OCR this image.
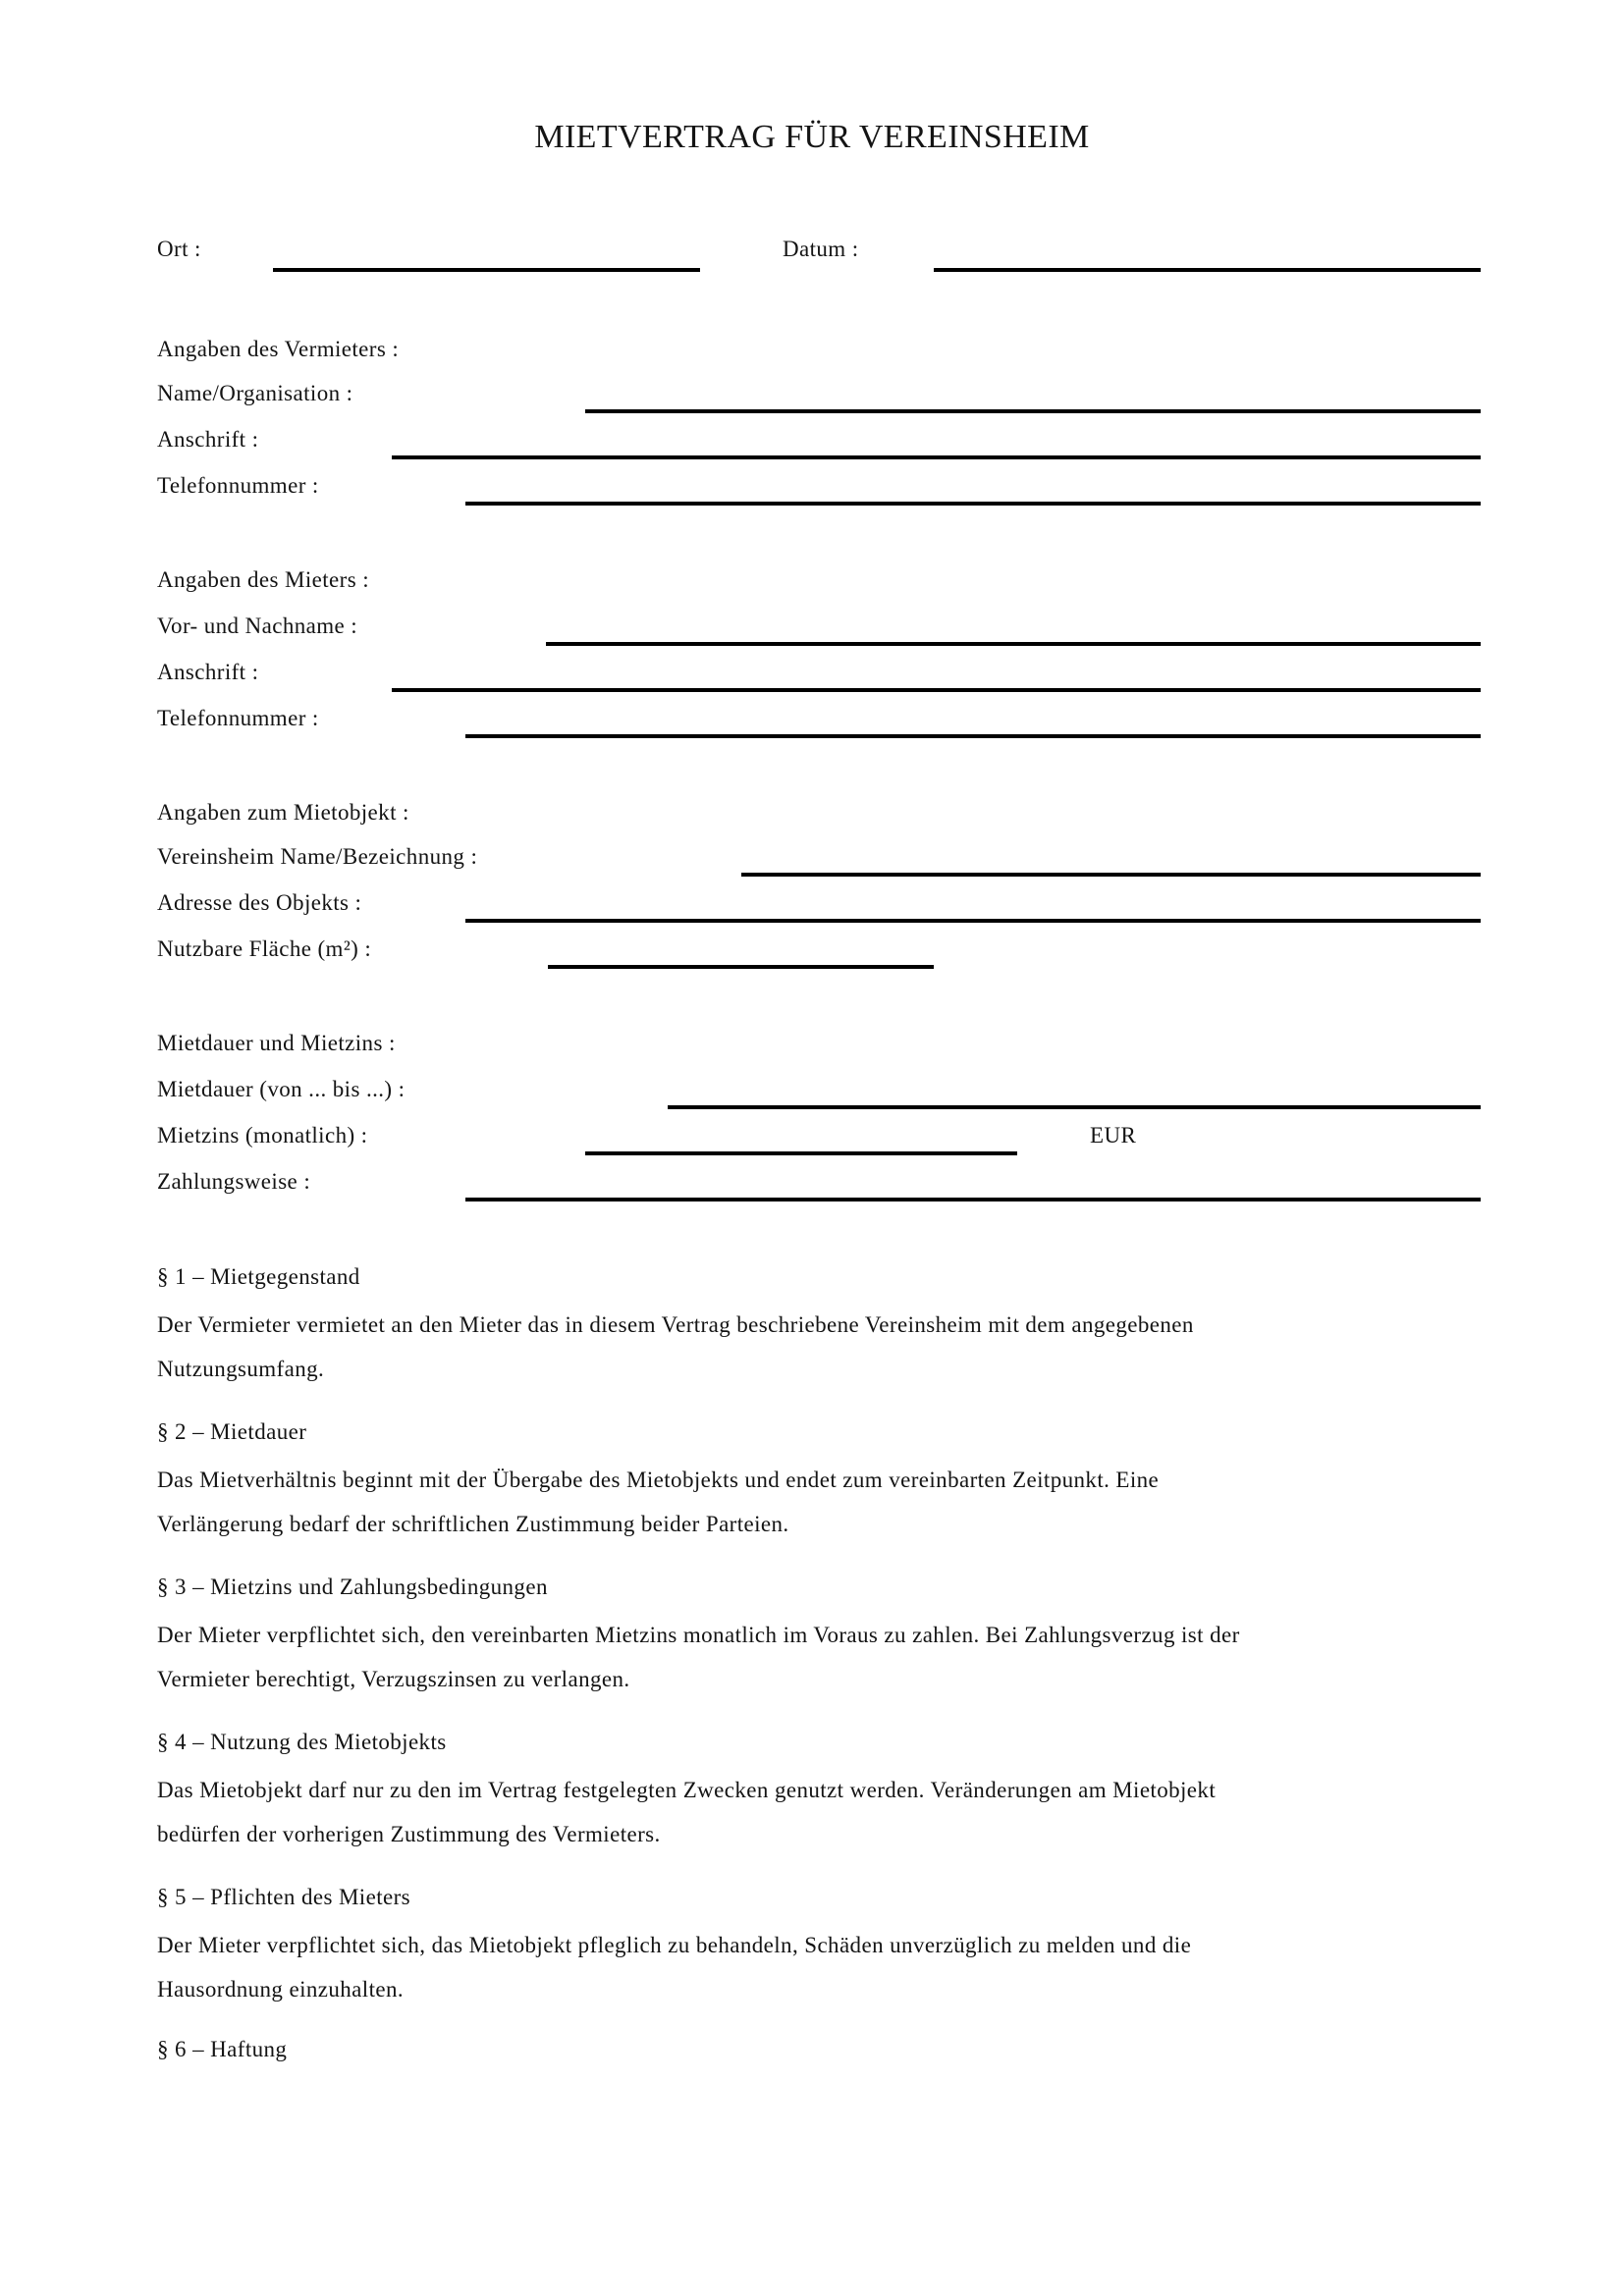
MIETVERTRAG FÜR VEREINSHEIM
Ort :	Datum :
Angaben des Vermieters :
Name/Organisation :
Anschrift :
Telefonnummer :
Angaben des Mieters :
Vor- und Nachname :
Anschrift :
Telefonnummer :
Angaben zum Mietobjekt :
Vereinsheim Name/Bezeichnung :
Adresse des Objekts :
Nutzbare Fläche (m²) :
Mietdauer und Mietzins :
Mietdauer (von ... bis ...) :
Mietzins (monatlich) :	EUR
Zahlungsweise :
§ 1 – Mietgegenstand
Der Vermieter vermietet an den Mieter das in diesem Vertrag beschriebene Vereinsheim mit dem angegebenen
Nutzungsumfang.
§ 2 – Mietdauer
Das Mietverhältnis beginnt mit der Übergabe des Mietobjekts und endet zum vereinbarten Zeitpunkt. Eine
Verlängerung bedarf der schriftlichen Zustimmung beider Parteien.
§ 3 – Mietzins und Zahlungsbedingungen
Der Mieter verpflichtet sich, den vereinbarten Mietzins monatlich im Voraus zu zahlen. Bei Zahlungsverzug ist der
Vermieter berechtigt, Verzugszinsen zu verlangen.
§ 4 – Nutzung des Mietobjekts
Das Mietobjekt darf nur zu den im Vertrag festgelegten Zwecken genutzt werden. Veränderungen am Mietobjekt
bedürfen der vorherigen Zustimmung des Vermieters.
§ 5 – Pflichten des Mieters
Der Mieter verpflichtet sich, das Mietobjekt pfleglich zu behandeln, Schäden unverzüglich zu melden und die
Hausordnung einzuhalten.
§ 6 – Haftung
